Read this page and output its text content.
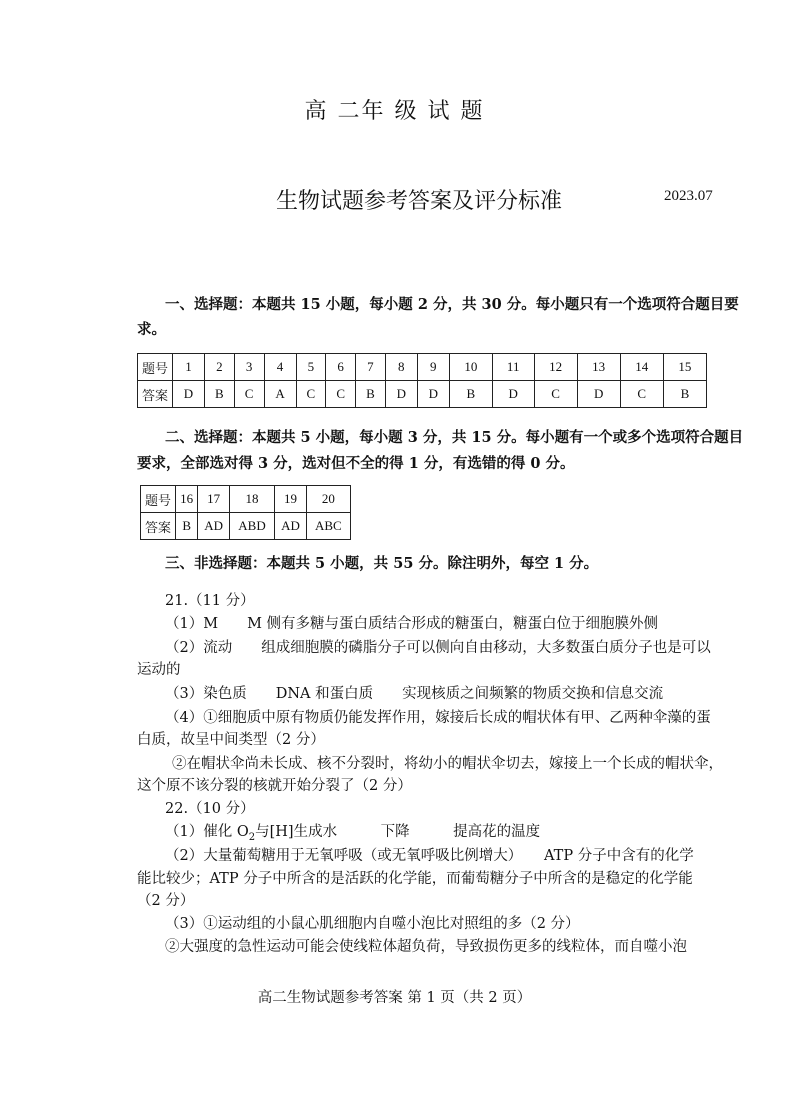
高 二年 级 试 题
生物试题参考答案及评分标准	2023.07
一、选择题：本题共 15 小题，每小题 2 分，共 30 分。每小题只有一个选项符合题目要
求。
题号	1	2	3	4	5	6	7	8	9	10	11	12	13	14	15
答案	D	B	C	A	C	C	B	D	D	B	D	C	D	C	B
二、选择题：本题共 5 小题，每小题 3 分，共 15 分。每小题有一个或多个选项符合题目
要求，全部选对得 3 分，选对但不全的得 1 分，有选错的得 0 分。
题号	16	17	18	19	20
答案	B	AD	ABD	AD	ABC
三、非选择题：本题共 5 小题，共 55 分。除注明外，每空 1 分。
21.（11 分）
（1）M　　M 侧有多糖与蛋白质结合形成的糖蛋白，糖蛋白位于细胞膜外侧
（2）流动　　组成细胞膜的磷脂分子可以侧向自由移动，大多数蛋白质分子也是可以
运动的
（3）染色质　　DNA 和蛋白质　　实现核质之间频繁的物质交换和信息交流
（4）①细胞质中原有物质仍能发挥作用，嫁接后长成的帽状体有甲、乙两种伞藻的蛋
白质，故呈中间类型（2 分）
②在帽状伞尚未长成、核不分裂时，将幼小的帽状伞切去，嫁接上一个长成的帽状伞，
这个原不该分裂的核就开始分裂了（2 分）
22.（10 分）
（1）催化 $O_2$与[H]生成水　　　下降　　　提高花的温度
（2）大量葡萄糖用于无氧呼吸（或无氧呼吸比例增大）　　ATP 分子中含有的化学
能比较少；ATP 分子中所含的是活跃的化学能，而葡萄糖分子中所含的是稳定的化学能
（2 分）
（3）①运动组的小鼠心肌细胞内自噬小泡比对照组的多（2 分）
②大强度的急性运动可能会使线粒体超负荷，导致损伤更多的线粒体，而自噬小泡
高二生物试题参考答案 第 1 页（共 2 页）
